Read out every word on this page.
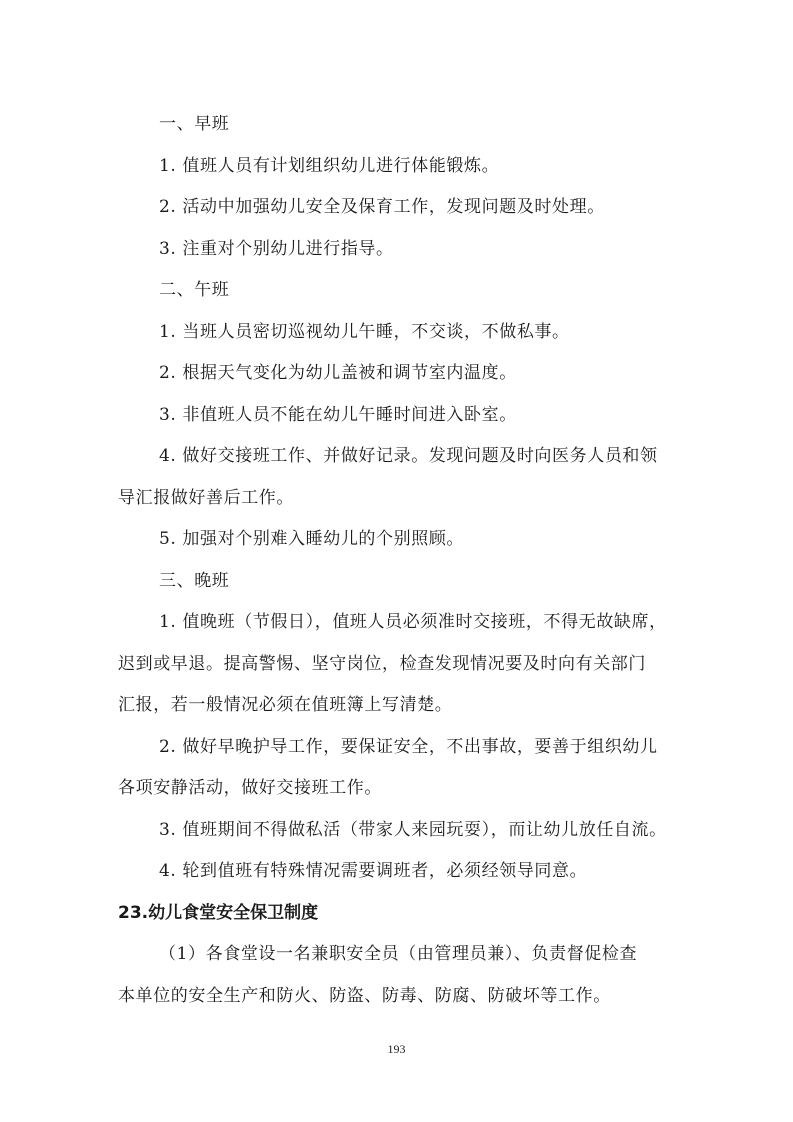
一、早班
1. 值班人员有计划组织幼儿进行体能锻炼。
2. 活动中加强幼儿安全及保育工作，发现问题及时处理。
3. 注重对个别幼儿进行指导。
二、午班
1. 当班人员密切巡视幼儿午睡，不交谈，不做私事。
2. 根据天气变化为幼儿盖被和调节室内温度。
3. 非值班人员不能在幼儿午睡时间进入卧室。
4. 做好交接班工作、并做好记录。发现问题及时向医务人员和领
导汇报做好善后工作。
5. 加强对个别难入睡幼儿的个别照顾。
三、晚班
1. 值晚班（节假日），值班人员必须准时交接班，不得无故缺席，
迟到或早退。提高警惕、坚守岗位，检查发现情况要及时向有关部门
汇报，若一般情况必须在值班簿上写清楚。
2. 做好早晚护导工作，要保证安全，不出事故，要善于组织幼儿
各项安静活动，做好交接班工作。
3. 值班期间不得做私活（带家人来园玩耍），而让幼儿放任自流。
4. 轮到值班有特殊情况需要调班者，必须经领导同意。
23.幼儿食堂安全保卫制度
（1）各食堂设一名兼职安全员（由管理员兼）、负责督促检查
本单位的安全生产和防火、防盗、防毒、防腐、防破坏等工作。
193
